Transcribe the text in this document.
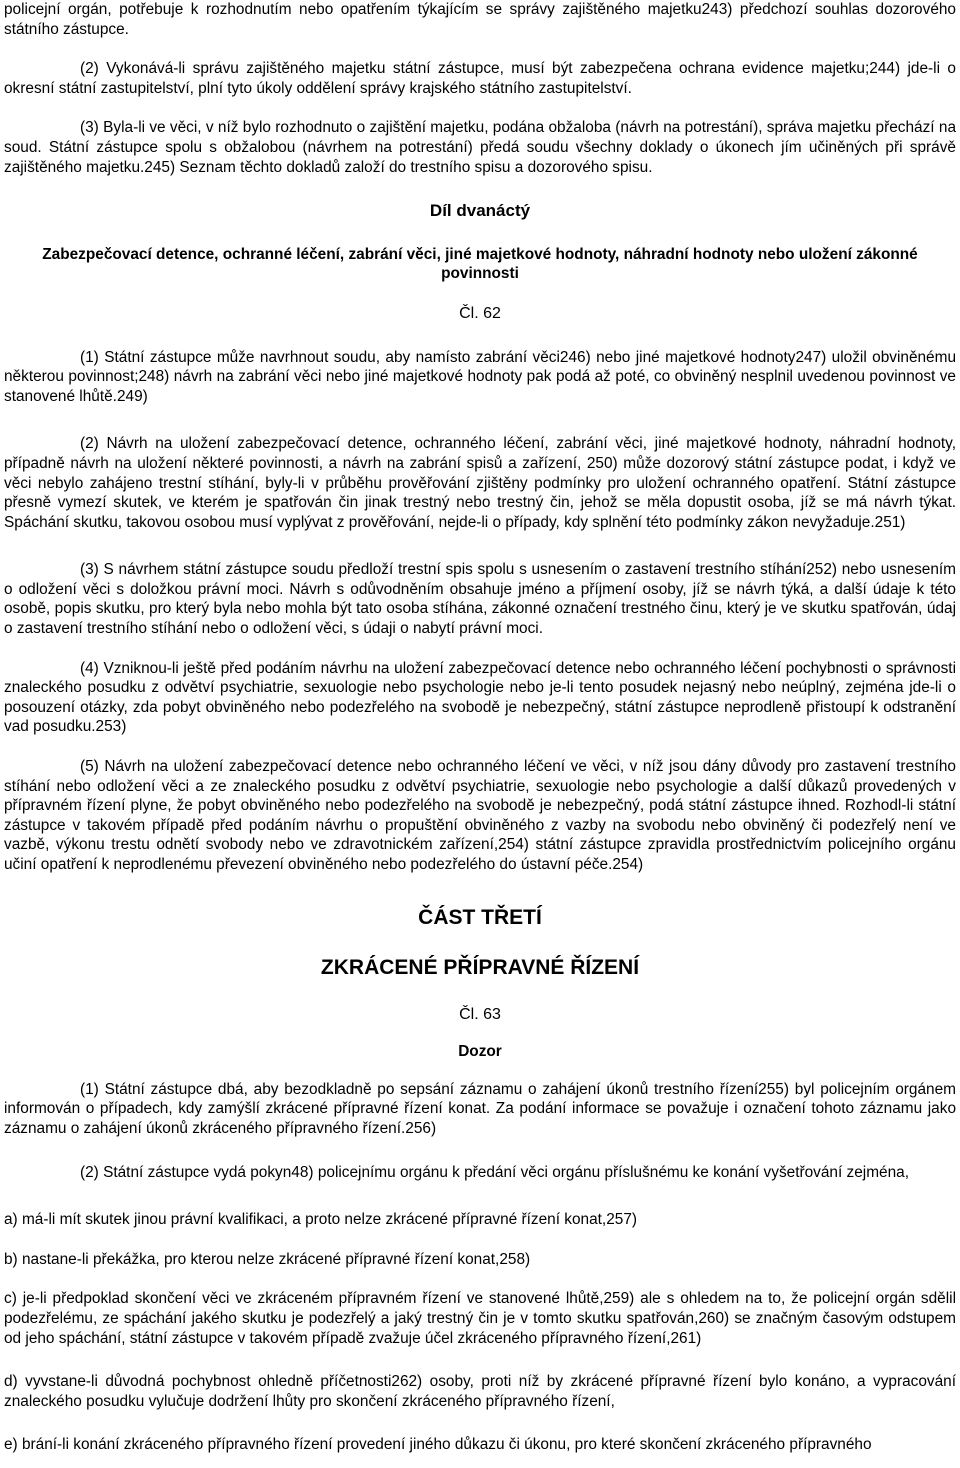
policejní orgán, potřebuje k rozhodnutím nebo opatřením týkajícím se správy zajištěného majetku243) předchozí souhlas dozorového státního zástupce.

(2) Vykonává-li správu zajištěného majetku státní zástupce, musí být zabezpečena ochrana evidence majetku;244) jde-li o okresní státní zastupitelství, plní tyto úkoly oddělení správy krajského státního zastupitelství.

(3) Byla-li ve věci, v níž bylo rozhodnuto o zajištění majetku, podána obžaloba (návrh na potrestání), správa majetku přechází na soud. Státní zástupce spolu s obžalobou (návrhem na potrestání) předá soudu všechny doklady o úkonech jím učiněných při správě zajištěného majetku.245) Seznam těchto dokladů založí do trestního spisu a dozorového spisu.

Díl dvanáctý

Zabezpečovací detence, ochranné léčení, zabrání věci, jiné majetkové hodnoty, náhradní hodnoty nebo uložení zákonné povinnosti

Čl. 62

(1) Státní zástupce může navrhnout soudu, aby namísto zabrání věci246) nebo jiné majetkové hodnoty247) uložil obviněnému některou povinnost;248) návrh na zabrání věci nebo jiné majetkové hodnoty pak podá až poté, co obviněný nesplnil uvedenou povinnost ve stanovené lhůtě.249)

(2) Návrh na uložení zabezpečovací detence, ochranného léčení, zabrání věci, jiné majetkové hodnoty, náhradní hodnoty, případně návrh na uložení některé povinnosti, a návrh na zabrání spisů a zařízení, 250) může dozorový státní zástupce podat, i když ve věci nebylo zahájeno trestní stíhání, byly-li v průběhu prověřování zjištěny podmínky pro uložení ochranného opatření. Státní zástupce přesně vymezí skutek, ve kterém je spatřován čin jinak trestný nebo trestný čin, jehož se měla dopustit osoba, jíž se má návrh týkat. Spáchání skutku, takovou osobou musí vyplývat z prověřování, nejde-li o případy, kdy splnění této podmínky zákon nevyžaduje.251)

(3) S návrhem státní zástupce soudu předloží trestní spis spolu s usnesením o zastavení trestního stíhání252) nebo usnesením o odložení věci s doložkou právní moci. Návrh s odůvodněním obsahuje jméno a příjmení osoby, jíž se návrh týká, a další údaje k této osobě, popis skutku, pro který byla nebo mohla být tato osoba stíhána, zákonné označení trestného činu, který je ve skutku spatřován, údaj o zastavení trestního stíhání nebo o odložení věci, s údaji o nabytí právní moci.

(4) Vzniknou-li ještě před podáním návrhu na uložení zabezpečovací detence nebo ochranného léčení pochybnosti o správnosti znaleckého posudku z odvětví psychiatrie, sexuologie nebo psychologie nebo je-li tento posudek nejasný nebo neúplný, zejména jde-li o posouzení otázky, zda pobyt obviněného nebo podezřelého na svobodě je nebezpečný, státní zástupce neprodleně přistoupí k odstranění vad posudku.253)

(5) Návrh na uložení zabezpečovací detence nebo ochranného léčení ve věci, v níž jsou dány důvody pro zastavení trestního stíhání nebo odložení věci a ze znaleckého posudku z odvětví psychiatrie, sexuologie nebo psychologie a další důkazů provedených v přípravném řízení plyne, že pobyt obviněného nebo podezřelého na svobodě je nebezpečný, podá státní zástupce ihned. Rozhodl-li státní zástupce v takovém případě před podáním návrhu o propuštění obviněného z vazby na svobodu nebo obviněný či podezřelý není ve vazbě, výkonu trestu odnětí svobody nebo ve zdravotnickém zařízení,254) státní zástupce zpravidla prostřednictvím policejního orgánu učiní opatření k neprodlenému převezení obviněného nebo podezřelého do ústavní péče.254)

ČÁST TŘETÍ

ZKRÁCENÉ PŘÍPRAVNÉ ŘÍZENÍ

Čl. 63

Dozor

(1) Státní zástupce dbá, aby bezodkladně po sepsání záznamu o zahájení úkonů trestního řízení255) byl policejním orgánem informován o případech, kdy zamýšlí zkrácené přípravné řízení konat. Za podání informace se považuje i označení tohoto záznamu jako záznamu o zahájení úkonů zkráceného přípravného řízení.256)

(2) Státní zástupce vydá pokyn48) policejnímu orgánu k předání věci orgánu příslušnému ke konání vyšetřování zejména,

a) má-li mít skutek jinou právní kvalifikaci, a proto nelze zkrácené přípravné řízení konat,257)

b) nastane-li překážka, pro kterou nelze zkrácené přípravné řízení konat,258)

c) je-li předpoklad skončení věci ve zkráceném přípravném řízení ve stanovené lhůtě,259) ale s ohledem na to, že policejní orgán sdělil podezřelému, ze spáchání jakého skutku je podezřelý a jaký trestný čin je v tomto skutku spatřován,260) se značným časovým odstupem od jeho spáchání, státní zástupce v takovém případě zvažuje účel zkráceného přípravného řízení,261)

d) vyvstane-li důvodná pochybnost ohledně příčetnosti262) osoby, proti níž by zkrácené přípravné řízení bylo konáno, a vypracování znaleckého posudku vylučuje dodržení lhůty pro skončení zkráceného přípravného řízení,

e) brání-li konání zkráceného přípravného řízení provedení jiného důkazu či úkonu, pro které skončení zkráceného přípravného
